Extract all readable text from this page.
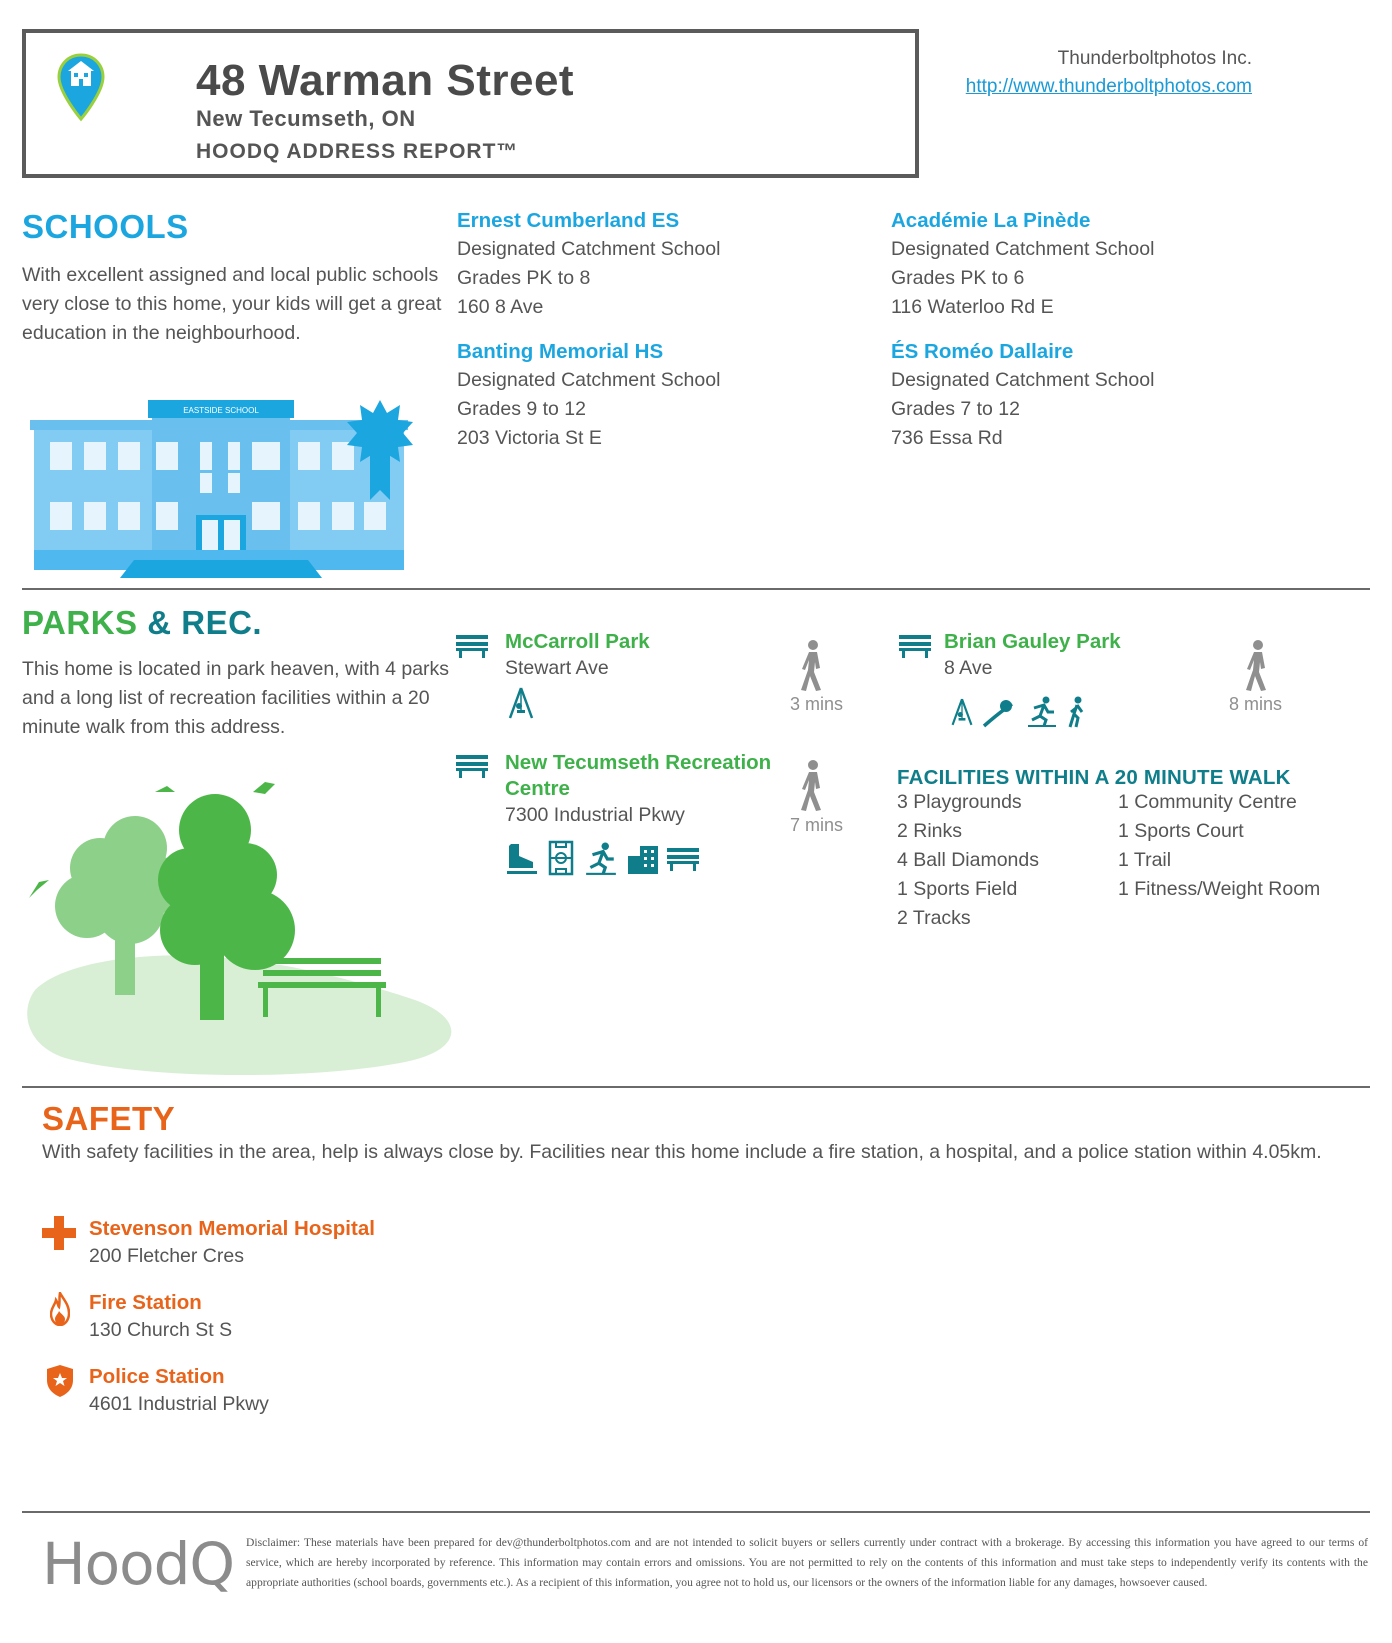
48 Warman Street
New Tecumseth, ON
HOODQ ADDRESS REPORT™
Thunderboltphotos Inc.
http://www.thunderboltphotos.com
SCHOOLS
With excellent assigned and local public schools very close to this home, your kids will get a great education in the neighbourhood.
Ernest Cumberland ES
Designated Catchment School
Grades PK to 8
160 8 Ave
Académie La Pinède
Designated Catchment School
Grades PK to 6
116 Waterloo Rd E
Banting Memorial HS
Designated Catchment School
Grades 9 to 12
203 Victoria St E
ÉS Roméo Dallaire
Designated Catchment School
Grades 7 to 12
736 Essa Rd
EASTSIDE SCHOOL
PARKS & REC.
This home is located in park heaven, with 4 parks and a long list of recreation facilities within a 20 minute walk from this address.
McCarroll Park
Stewart Ave
3 mins
Brian Gauley Park
8 Ave
8 mins
New Tecumseth Recreation
Centre
7300 Industrial Pkwy	7 mins
FACILITIES WITHIN A 20 MINUTE WALK
3 Playgrounds
2 Rinks
4 Ball Diamonds
1 Sports Field
2 Tracks
1 Community Centre
1 Sports Court
1 Trail
1 Fitness/Weight Room
SAFETY
With safety facilities in the area, help is always close by. Facilities near this home include a fire station, a hospital, and a police station within 4.05km.
Stevenson Memorial Hospital
200 Fletcher Cres
Fire Station
130 Church St S
Police Station
4601 Industrial Pkwy
HoodQ Disclaimer: These materials have been prepared for dev@thunderboltphotos.com and are not intended to solicit buyers or sellers currently under contract with a brokerage. By accessing this information you have agreed to our terms of service, which are hereby incorporated by reference. This information may contain errors and omissions. You are not permitted to rely on the contents of this information and must take steps to independently verify its contents with the appropriate authorities (school boards, governments etc.). As a recipient of this information, you agree not to hold us, our licensors or the owners of the information liable for any damages, howsoever caused.
